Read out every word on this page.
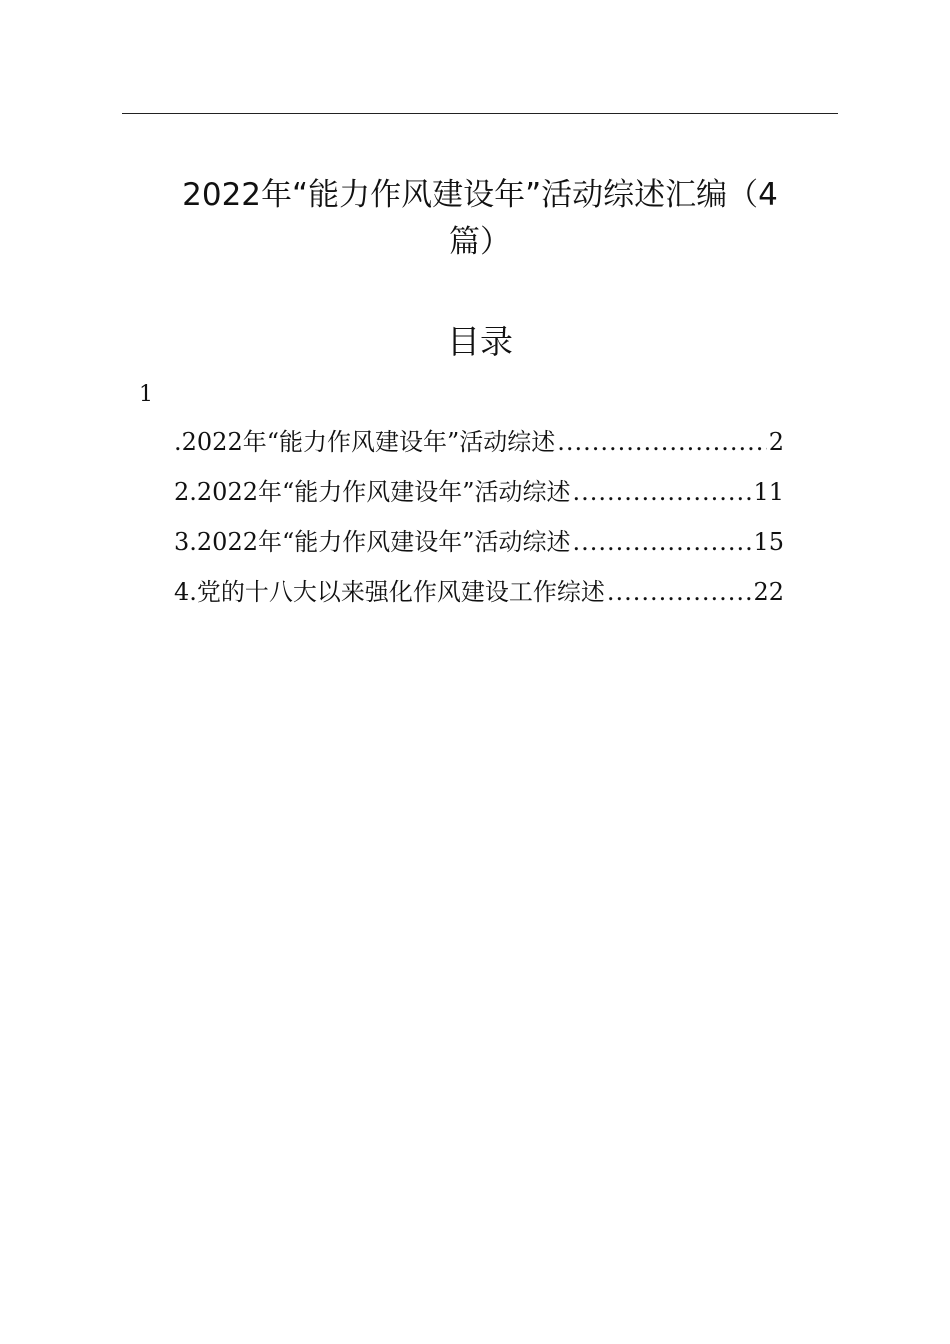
2022年“能力作风建设年”活动综述汇编（4
篇）
目录
1
.2022年“能力作风建设年”活动综述 .....	2
2.2022年“能力作风建设年”活动综述 .....	11
3.2022年“能力作风建设年”活动综述 .....	15
4.党的十八大以来强化作风建设工作综述 .....	22
